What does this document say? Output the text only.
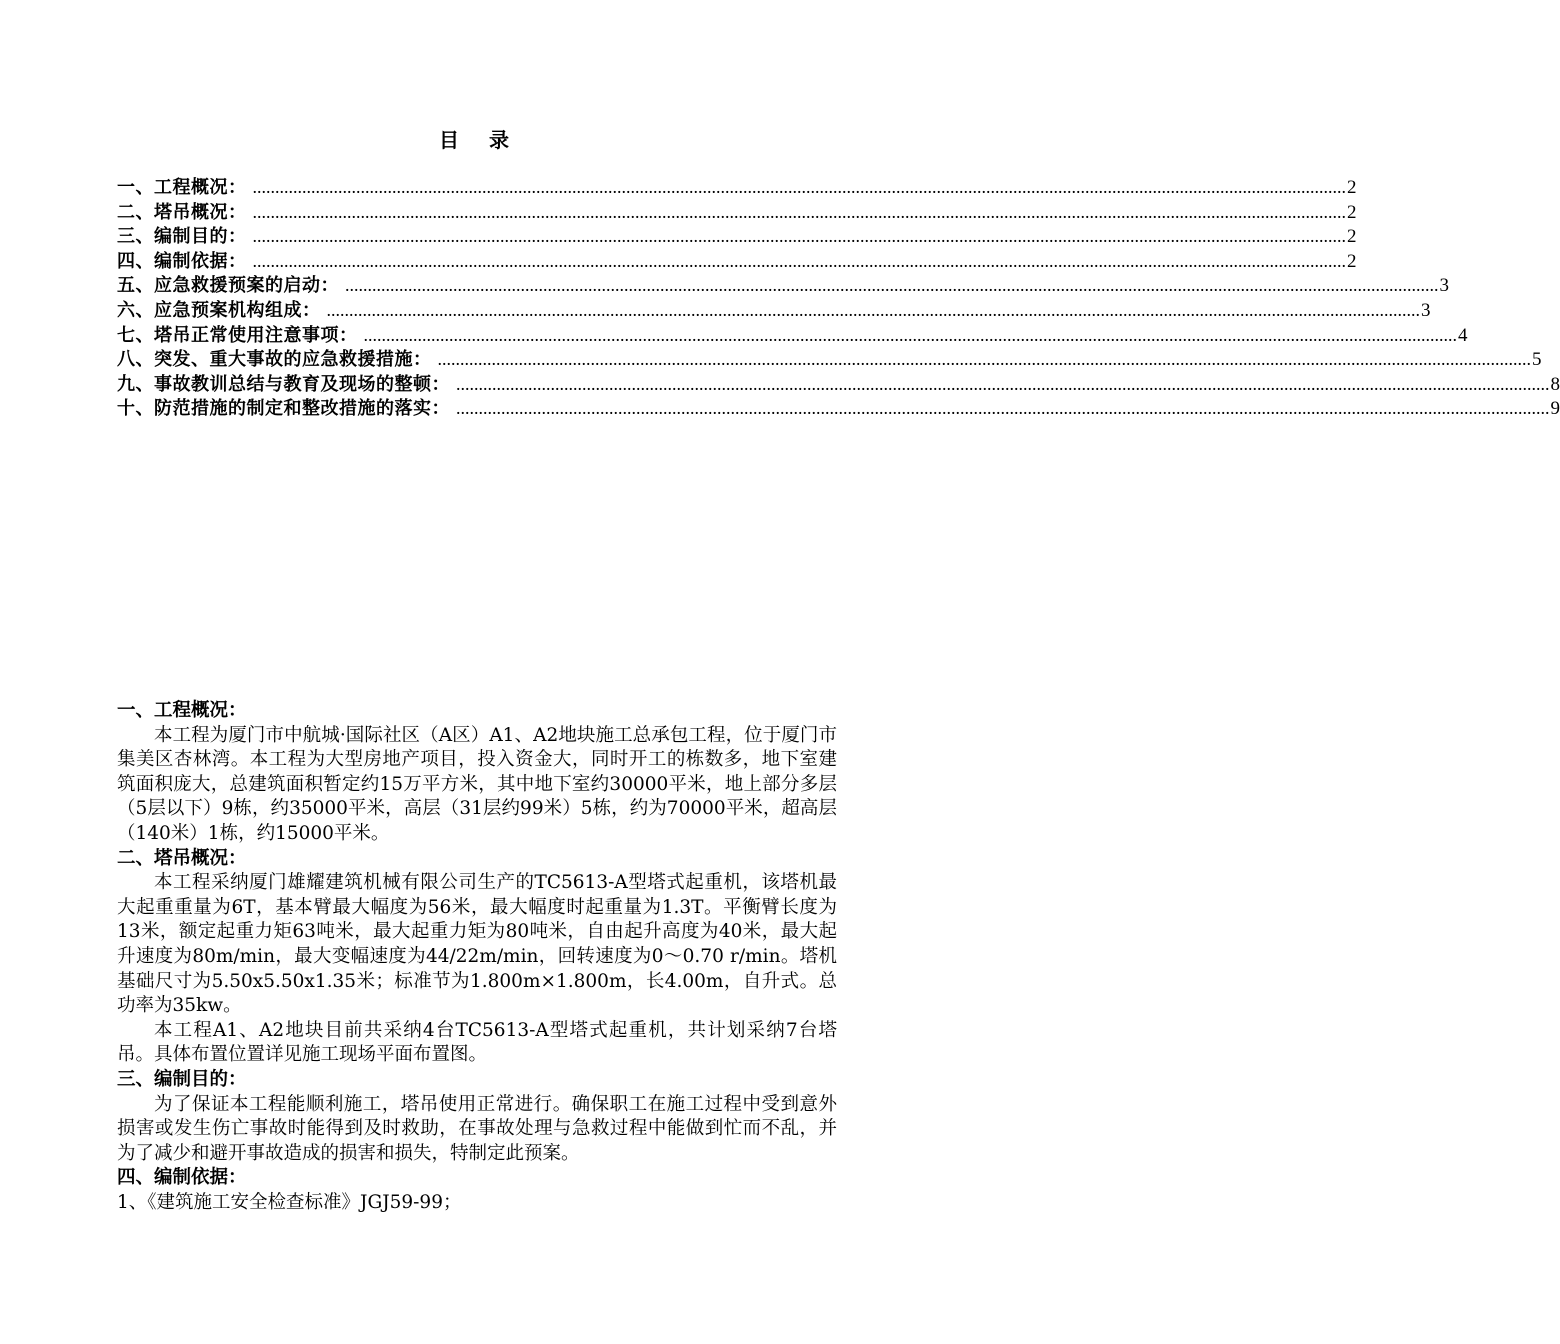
目 录
一、工程概况： ................................................................................................................................................................................................................................................... 2
二、塔吊概况： ................................................................................................................................................................................................................................................... 2
三、编制目的： ................................................................................................................................................................................................................................................... 2
四、编制依据： ................................................................................................................................................................................................................................................... 2
五、应急救援预案的启动： ................................................................................................................................................................................................................................................... 3
六、应急预案机构组成： ................................................................................................................................................................................................................................................... 3
七、塔吊正常使用注意事项： ................................................................................................................................................................................................................................................... 4
八、突发、重大事故的应急救援措施： ................................................................................................................................................................................................................................................... 5
九、事故教训总结与教育及现场的整顿： ................................................................................................................................................................................................................................................... 8
十、防范措施的制定和整改措施的落实： ................................................................................................................................................................................................................................................... 9
一、工程概况：
本工程为厦门市中航城·国际社区（A区）A1、A2地块施工总承包工程，位于厦门市集美区杏林湾。本工程为大型房地产项目，投入资金大，同时开工的栋数多，地下室建筑面积庞大，总建筑面积暂定约15万平方米，其中地下室约30000平米，地上部分多层（5层以下）9栋，约35000平米，高层（31层约99米）5栋，约为70000平米，超高层（140米）1栋，约15000平米。
二、塔吊概况：
本工程采纳厦门雄耀建筑机械有限公司生产的TC5613-A型塔式起重机，该塔机最大起重重量为6T，基本臂最大幅度为56米，最大幅度时起重量为1.3T。平衡臂长度为13米，额定起重力矩63吨米，最大起重力矩为80吨米，自由起升高度为40米，最大起升速度为80m/min，最大变幅速度为44/22m/min，回转速度为0～0.70 r/min。塔机基础尺寸为5.50x5.50x1.35米；标准节为1.800m×1.800m，长4.00m，自升式。总功率为35kw。
本工程A1、A2地块目前共采纳4台TC5613-A型塔式起重机，共计划采纳7台塔吊。具体布置位置详见施工现场平面布置图。
三、编制目的：
为了保证本工程能顺利施工，塔吊使用正常进行。确保职工在施工过程中受到意外损害或发生伤亡事故时能得到及时救助，在事故处理与急救过程中能做到忙而不乱，并为了减少和避开事故造成的损害和损失，特制定此预案。
四、编制依据：
1、《建筑施工安全检查标准》JGJ59-99；
